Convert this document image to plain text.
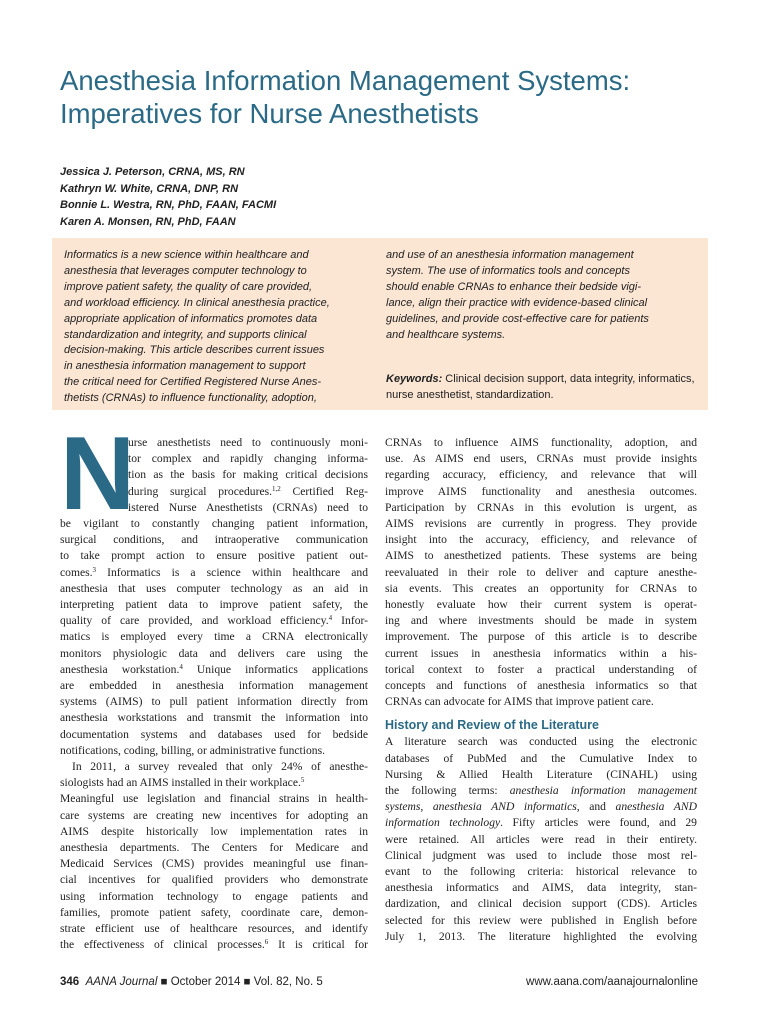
Anesthesia Information Management Systems:
Imperatives for Nurse Anesthetists
Jessica J. Peterson, CRNA, MS, RN
Kathryn W. White, CRNA, DNP, RN
Bonnie L. Westra, RN, PhD, FAAN, FACMI
Karen A. Monsen, RN, PhD, FAAN
Informatics is a new science within healthcare and
anesthesia that leverages computer technology to
improve patient safety, the quality of care provided,
and workload efficiency. In clinical anesthesia practice,
appropriate application of informatics promotes data
standardization and integrity, and supports clinical
decision-making. This article describes current issues
in anesthesia information management to support
the critical need for Certified Registered Nurse Anes-
thetists (CRNAs) to influence functionality, adoption,
and use of an anesthesia information management
system. The use of informatics tools and concepts
should enable CRNAs to enhance their bedside vigi-
lance, align their practice with evidence-based clinical
guidelines, and provide cost-effective care for patients
and healthcare systems.
Keywords: Clinical decision support, data integrity, informatics, nurse anesthetist, standardization.
N
urse anesthetists need to continuously moni-
tor complex and rapidly changing informa-
tion as the basis for making critical decisions
during surgical procedures.$^{1,2}$ Certified Reg-
istered Nurse Anesthetists (CRNAs) need to
be vigilant to constantly changing patient information,
surgical conditions, and intraoperative communication
to take prompt action to ensure positive patient out-
comes.$^3$ Informatics is a science within healthcare and
anesthesia that uses computer technology as an aid in
interpreting patient data to improve patient safety, the
quality of care provided, and workload efficiency.$^4$ Infor-
matics is employed every time a CRNA electronically
monitors physiologic data and delivers care using the
anesthesia workstation.$^4$ Unique informatics applications
are embedded in anesthesia information management
systems (AIMS) to pull patient information directly from
anesthesia workstations and transmit the information into
documentation systems and databases used for bedside
notifications, coding, billing, or administrative functions.
In 2011, a survey revealed that only 24% of anesthe-
siologists had an AIMS installed in their workplace.$^5$
Meaningful use legislation and financial strains in health-
care systems are creating new incentives for adopting an
AIMS despite historically low implementation rates in
anesthesia departments. The Centers for Medicare and
Medicaid Services (CMS) provides meaningful use finan-
cial incentives for qualified providers who demonstrate
using information technology to engage patients and
families, promote patient safety, coordinate care, demon-
strate efficient use of healthcare resources, and identify
the effectiveness of clinical processes.$^6$ It is critical for
CRNAs to influence AIMS functionality, adoption, and
use. As AIMS end users, CRNAs must provide insights
regarding accuracy, efficiency, and relevance that will
improve AIMS functionality and anesthesia outcomes.
Participation by CRNAs in this evolution is urgent, as
AIMS revisions are currently in progress. They provide
insight into the accuracy, efficiency, and relevance of
AIMS to anesthetized patients. These systems are being
reevaluated in their role to deliver and capture anesthe-
sia events. This creates an opportunity for CRNAs to
honestly evaluate how their current system is operat-
ing and where investments should be made in system
improvement. The purpose of this article is to describe
current issues in anesthesia informatics within a his-
torical context to foster a practical understanding of
concepts and functions of anesthesia informatics so that
CRNAs can advocate for AIMS that improve patient care.
History and Review of the Literature
A literature search was conducted using the electronic
databases of PubMed and the Cumulative Index to
Nursing & Allied Health Literature (CINAHL) using
the following terms: anesthesia information management
systems, anesthesia AND informatics, and anesthesia AND
information technology. Fifty articles were found, and 29
were retained. All articles were read in their entirety.
Clinical judgment was used to include those most rel-
evant to the following criteria: historical relevance to
anesthesia informatics and AIMS, data integrity, stan-
dardization, and clinical decision support (CDS). Articles
selected for this review were published in English before
July 1, 2013. The literature highlighted the evolving
346 AANA Journal ■ October 2014 ■ Vol. 82, No. 5	www.aana.com/aanajournalonline
